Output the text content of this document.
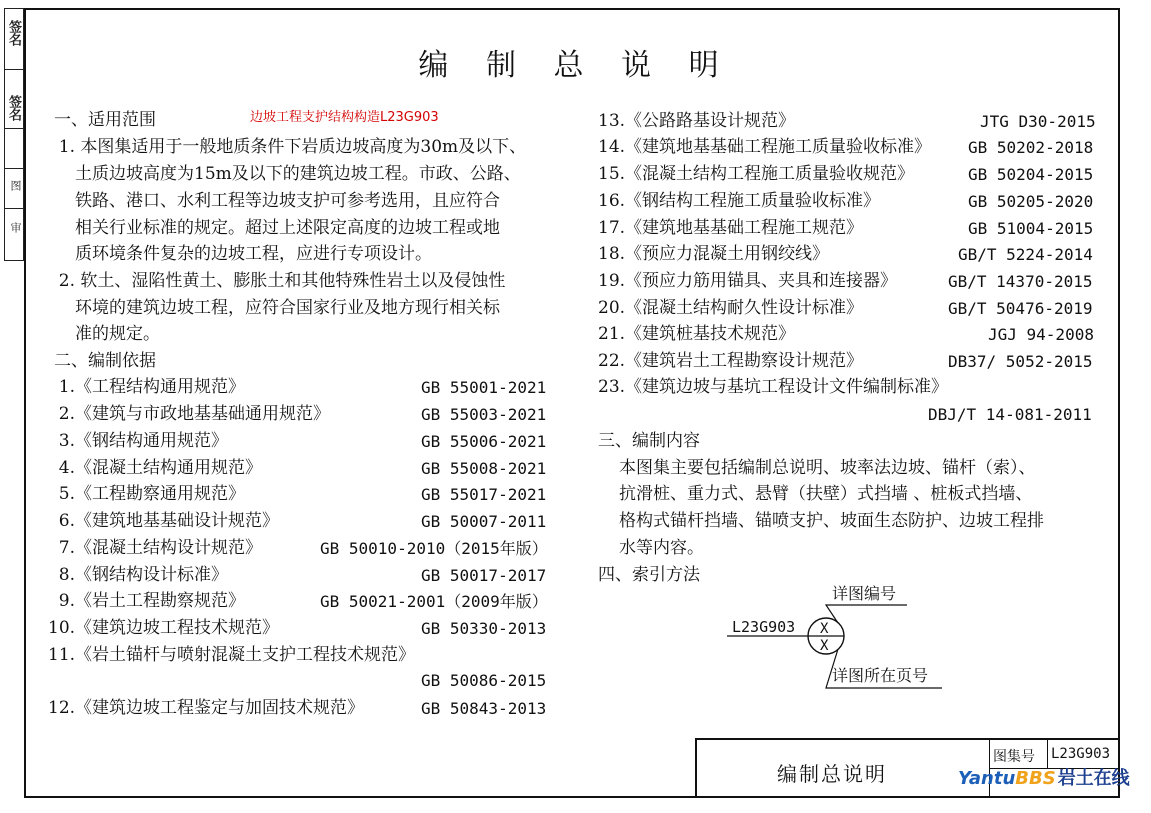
签名
签名
图
审
编 制 总 说 明
边坡工程支护结构构造L23G903
一、适用范围
1. 本图集适用于一般地质条件下岩质边坡高度为30m及以下、
土质边坡高度为15m及以下的建筑边坡工程。市政、公路、
铁路、港口、水利工程等边坡支护可参考选用，且应符合
相关行业标准的规定。超过上述限定高度的边坡工程或地
质环境条件复杂的边坡工程，应进行专项设计。
2. 软土、湿陷性黄土、膨胀土和其他特殊性岩土以及侵蚀性
环境的建筑边坡工程，应符合国家行业及地方现行相关标
准的规定。
二、编制依据
1.《工程结构通用规范》	GB 55001-2021
2.《建筑与市政地基基础通用规范》	GB 55003-2021
3.《钢结构通用规范》	GB 55006-2021
4.《混凝土结构通用规范》	GB 55008-2021
5.《工程勘察通用规范》	GB 55017-2021
6.《建筑地基基础设计规范》	GB 50007-2011
7.《混凝土结构设计规范》	GB 50010-2010（2015年版）
8.《钢结构设计标准》	GB 50017-2017
9.《岩土工程勘察规范》	GB 50021-2001（2009年版）
10.《建筑边坡工程技术规范》	GB 50330-2013
11.《岩土锚杆与喷射混凝土支护工程技术规范》
GB 50086-2015
12.《建筑边坡工程鉴定与加固技术规范》	GB 50843-2013
13.《公路路基设计规范》	JTG D30-2015
14.《建筑地基基础工程施工质量验收标准》 GB 50202-2018
15.《混凝土结构工程施工质量验收规范》	GB 50204-2015
16.《钢结构工程施工质量验收标准》	GB 50205-2020
17.《建筑地基基础工程施工规范》	GB 51004-2015
18.《预应力混凝土用钢绞线》	GB/T 5224-2014
19.《预应力筋用锚具、夹具和连接器》	GB/T 14370-2015
20.《混凝土结构耐久性设计标准》	GB/T 50476-2019
21.《建筑桩基技术规范》	JGJ 94-2008
22.《建筑岩土工程勘察设计规范》	DB37/ 5052-2015
23.《建筑边坡与基坑工程设计文件编制标准》
DBJ/T 14-081-2011
三、编制内容
本图集主要包括编制总说明、坡率法边坡、锚杆（索）、
抗滑桩、重力式、悬臂（扶壁）式挡墙 、桩板式挡墙、
格构式锚杆挡墙、锚喷支护、坡面生态防护、边坡工程排
水等内容。
四、索引方法
详图编号
详图所在页号
L23G903 X
X
编制总说明
图集号 L23G903
YantuBBS 岩土在线
